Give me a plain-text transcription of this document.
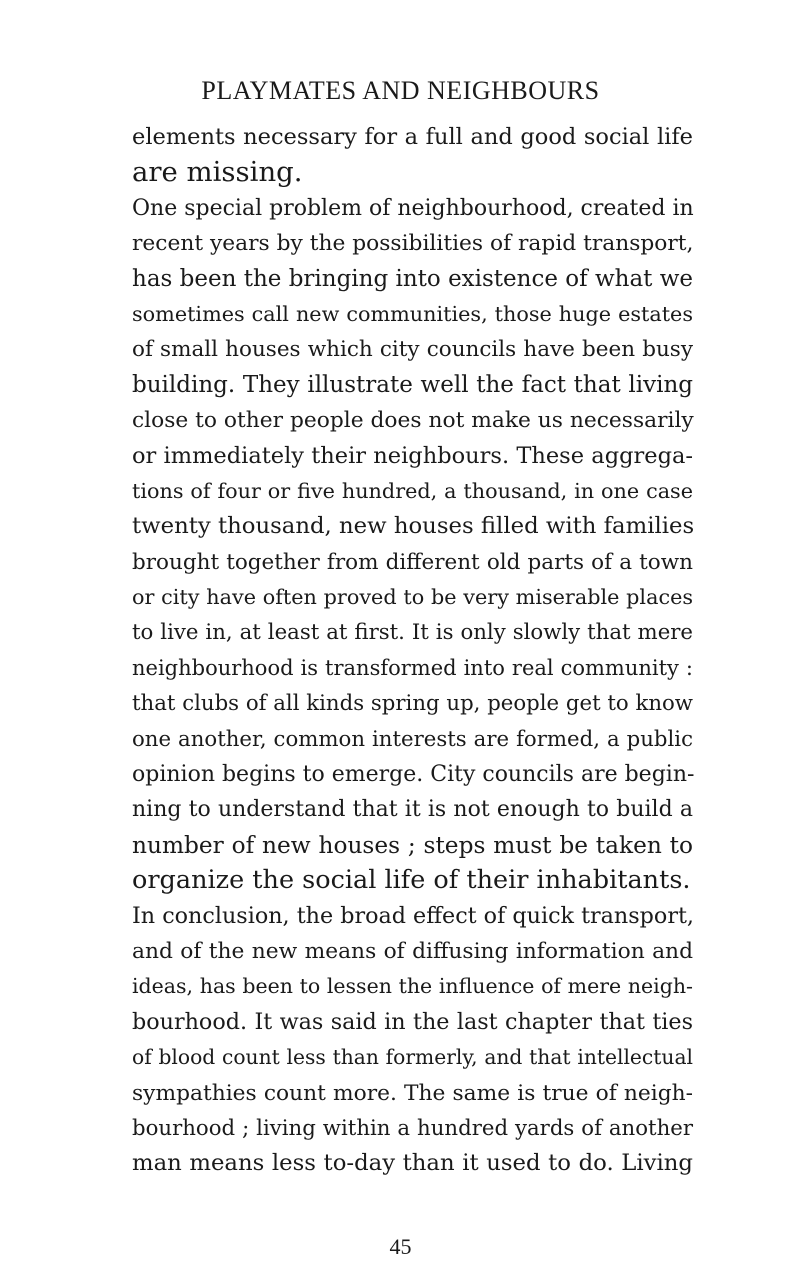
PLAYMATES AND NEIGHBOURS
elements necessary for a full and good social life
are missing.
One special problem of neighbourhood, created in
recent years by the possibilities of rapid transport,
has been the bringing into existence of what we
sometimes call new communities, those huge estates
of small houses which city councils have been busy
building. They illustrate well the fact that living
close to other people does not make us necessarily
or immediately their neighbours. These aggrega-
tions of four or five hundred, a thousand, in one case
twenty thousand, new houses filled with families
brought together from different old parts of a town
or city have often proved to be very miserable places
to live in, at least at first. It is only slowly that mere
neighbourhood is transformed into real community :
that clubs of all kinds spring up, people get to know
one another, common interests are formed, a public
opinion begins to emerge. City councils are begin-
ning to understand that it is not enough to build a
number of new houses ; steps must be taken to
organize the social life of their inhabitants.
In conclusion, the broad effect of quick transport,
and of the new means of diffusing information and
ideas, has been to lessen the influence of mere neigh-
bourhood. It was said in the last chapter that ties
of blood count less than formerly, and that intellectual
sympathies count more. The same is true of neigh-
bourhood ; living within a hundred yards of another
man means less to-day than it used to do. Living
45
